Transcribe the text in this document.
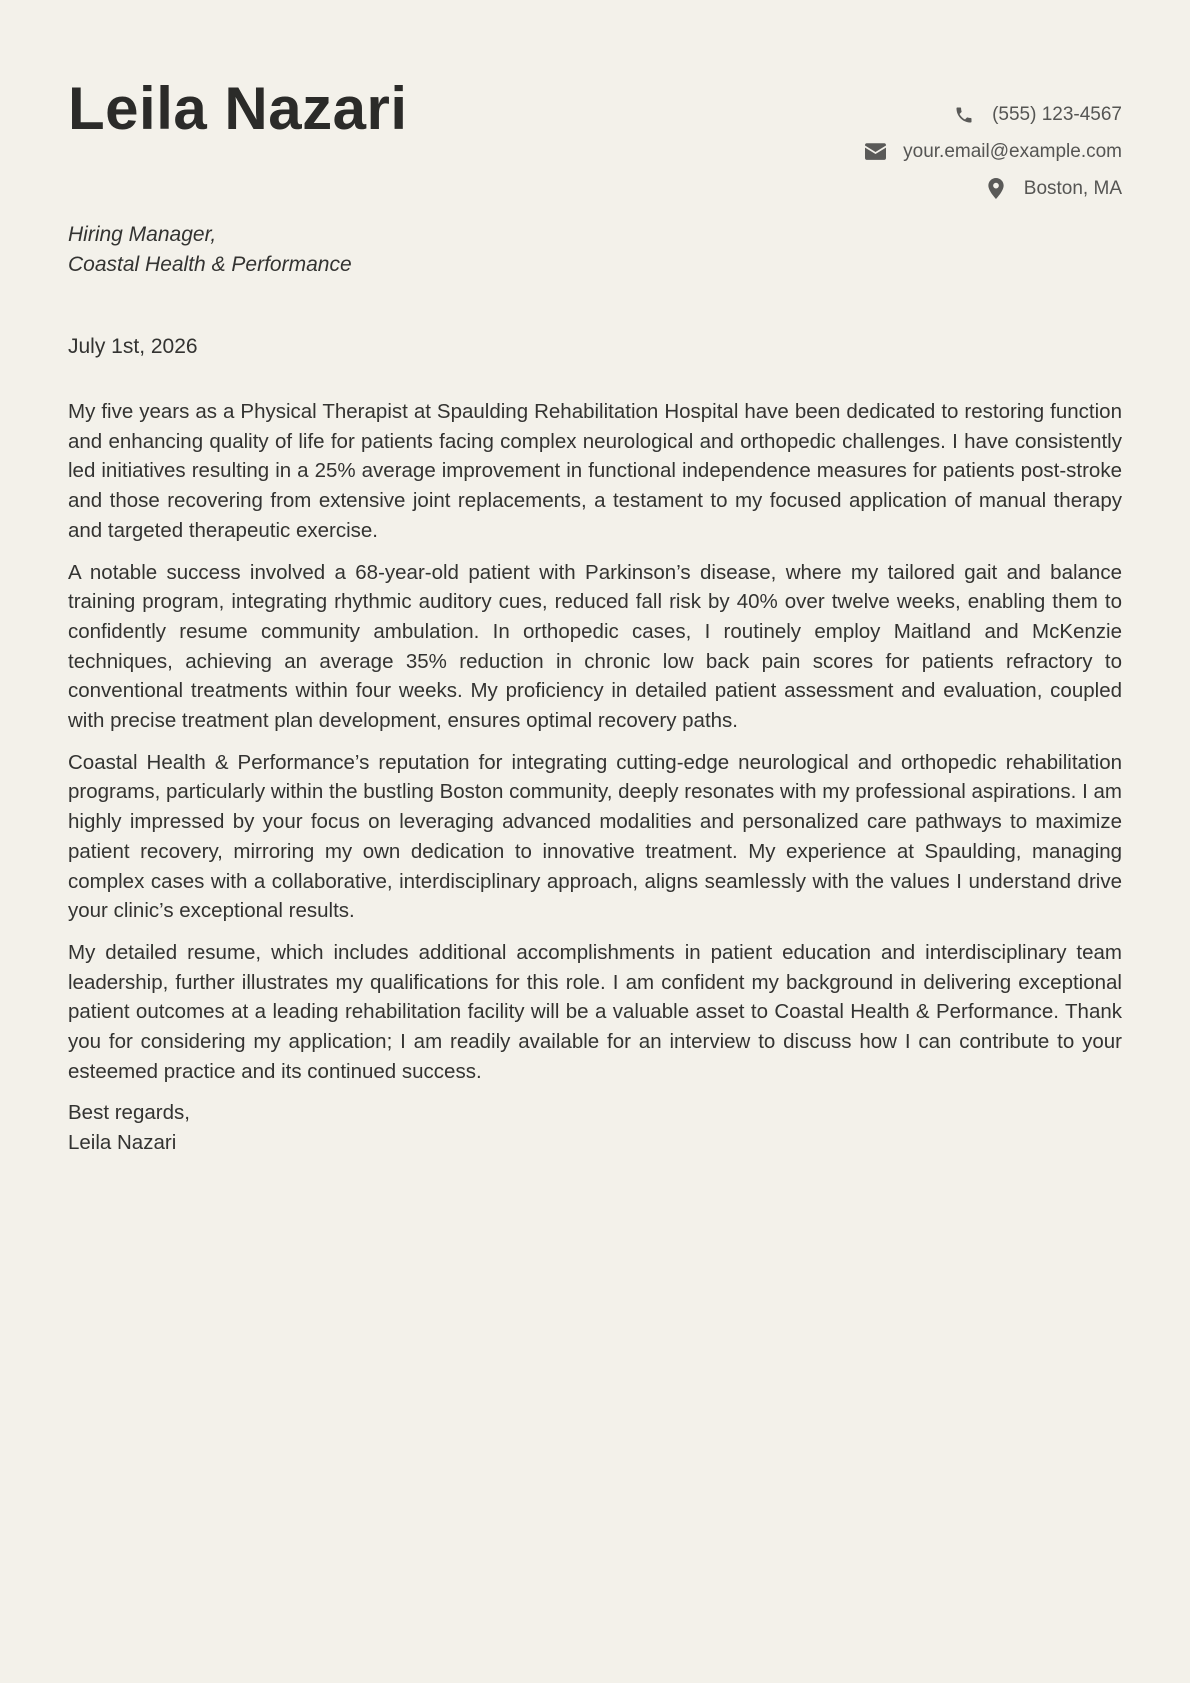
Leila Nazari	(555) 123-4567
your.email@example.com
Boston, MA
Hiring Manager,
Coastal Health & Performance
July 1st, 2026

My five years as a Physical Therapist at Spaulding Rehabilitation Hospital have been dedicated to restoring function and enhancing quality of life for patients facing complex neurological and orthopedic challenges. I have consistently led initiatives resulting in a 25% average improvement in functional independence measures for patients post-stroke and those recovering from extensive joint replacements, a testament to my focused application of manual therapy and targeted therapeutic exercise.

A notable success involved a 68-year-old patient with Parkinson’s disease, where my tailored gait and balance training program, integrating rhythmic auditory cues, reduced fall risk by 40% over twelve weeks, enabling them to confidently resume community ambulation. In orthopedic cases, I routinely employ Maitland and McKenzie techniques, achieving an average 35% reduction in chronic low back pain scores for patients refractory to conventional treatments within four weeks. My proficiency in detailed patient assessment and evaluation, coupled with precise treatment plan development, ensures optimal recovery paths.

Coastal Health & Performance’s reputation for integrating cutting-edge neurological and orthopedic rehabilitation programs, particularly within the bustling Boston community, deeply resonates with my professional aspirations. I am highly impressed by your focus on leveraging advanced modalities and personalized care pathways to maximize patient recovery, mirroring my own dedication to innovative treatment. My experience at Spaulding, managing complex cases with a collaborative, interdisciplinary approach, aligns seamlessly with the values I understand drive your clinic’s exceptional results.

My detailed resume, which includes additional accomplishments in patient education and interdisciplinary team leadership, further illustrates my qualifications for this role. I am confident my background in delivering exceptional patient outcomes at a leading rehabilitation facility will be a valuable asset to Coastal Health & Performance. Thank you for considering my application; I am readily available for an interview to discuss how I can contribute to your esteemed practice and its continued success.

Best regards,
Leila Nazari
